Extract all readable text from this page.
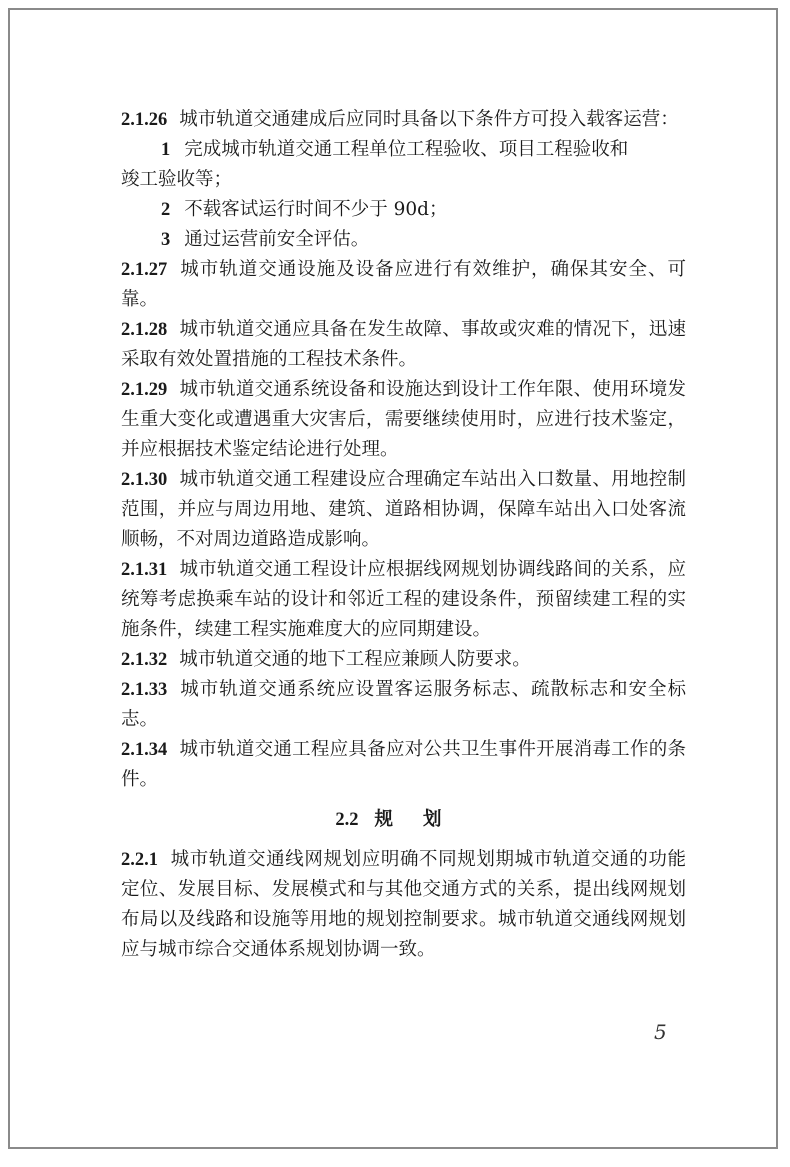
2.1.26 城市轨道交通建成后应同时具备以下条件方可投入载客运营：

1 完成城市轨道交通工程单位工程验收、项目工程验收和

竣工验收等；

2 不载客试运行时间不少于 90d；

3 通过运营前安全评估。

2.1.27 城市轨道交通设施及设备应进行有效维护，确保其安全、可靠。

2.1.28 城市轨道交通应具备在发生故障、事故或灾难的情况下，迅速采取有效处置措施的工程技术条件。

2.1.29 城市轨道交通系统设备和设施达到设计工作年限、使用环境发生重大变化或遭遇重大灾害后，需要继续使用时，应进行技术鉴定，并应根据技术鉴定结论进行处理。

2.1.30 城市轨道交通工程建设应合理确定车站出入口数量、用地控制范围，并应与周边用地、建筑、道路相协调，保障车站出入口处客流顺畅，不对周边道路造成影响。

2.1.31 城市轨道交通工程设计应根据线网规划协调线路间的关系，应统筹考虑换乘车站的设计和邻近工程的建设条件，预留续建工程的实施条件，续建工程实施难度大的应同期建设。

2.1.32 城市轨道交通的地下工程应兼顾人防要求。

2.1.33 城市轨道交通系统应设置客运服务标志、疏散标志和安全标志。

2.1.34 城市轨道交通工程应具备应对公共卫生事件开展消毒工作的条件。

2.2 规划

2.2.1 城市轨道交通线网规划应明确不同规划期城市轨道交通的功能定位、发展目标、发展模式和与其他交通方式的关系，提出线网规划布局以及线路和设施等用地的规划控制要求。城市轨道交通线网规划应与城市综合交通体系规划协调一致。

5
